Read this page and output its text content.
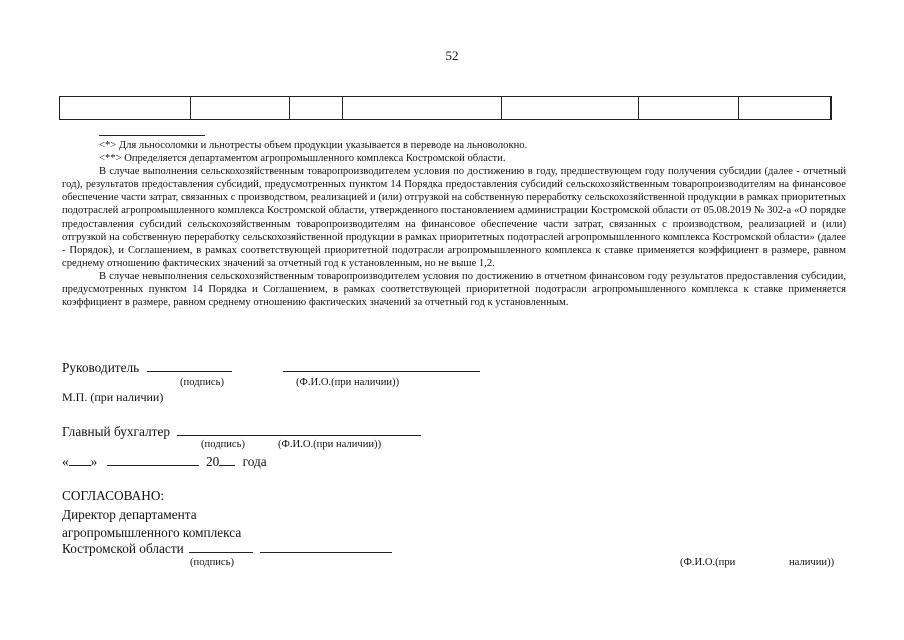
52

<*> Для льносоломки и льнотресты объем продукции указывается в переводе на льноволокно.

<**> Определяется департаментом агропромышленного комплекса Костромской области.

В случае выполнения сельскохозяйственным товаропроизводителем условия по достижению в году, предшествующем году получения субсидии (далее - отчетный год), результатов предоставления субсидий, предусмотренных пунктом 14 Порядка предоставления субсидий сельскохозяйственным товаропроизводителям на финансовое обеспечение части затрат, связанных с производством, реализацией и (или) отгрузкой на собственную переработку сельскохозяйственной продукции в рамках приоритетных подотраслей агропромышленного комплекса Костромской области, утвержденного постановлением администрации Костромской области от 05.08.2019 № 302-а «О порядке предоставления субсидий сельскохозяйственным товаропроизводителям на финансовое обеспечение части затрат, связанных с производством, реализацией и (или) отгрузкой на собственную переработку сельскохозяйственной продукции в рамках приоритетных подотраслей агропромышленного комплекса Костромской области» (далее - Порядок), и Соглашением, в рамках соответствующей приоритетной подотрасли агропромышленного комплекса к ставке применяется коэффициент в размере, равном среднему отношению фактических значений за отчетный год к установленным, но не выше 1,2.

В случае невыполнения сельскохозяйственным товаропроизводителем условия по достижению в отчетном финансовом году результатов предоставления субсидии, предусмотренных пунктом 14 Порядка и Соглашением, в рамках соответствующей приоритетной подотрасли агропромышленного комплекса к ставке применяется коэффициент в размере, равном среднему отношению фактических значений за отчетный год к установленным.

Руководитель
(подпись)	(Ф.И.О.(при наличии))
М.П. (при наличии)
Главный бухгалтер
(подпись)	(Ф.И.О.(при наличии))
« »	20 года
СОГЛАСОВАНО:
Директор департамента
агропромышленного комплекса
Костромской области
(подпись)	(Ф.И.О.(при	наличии))
